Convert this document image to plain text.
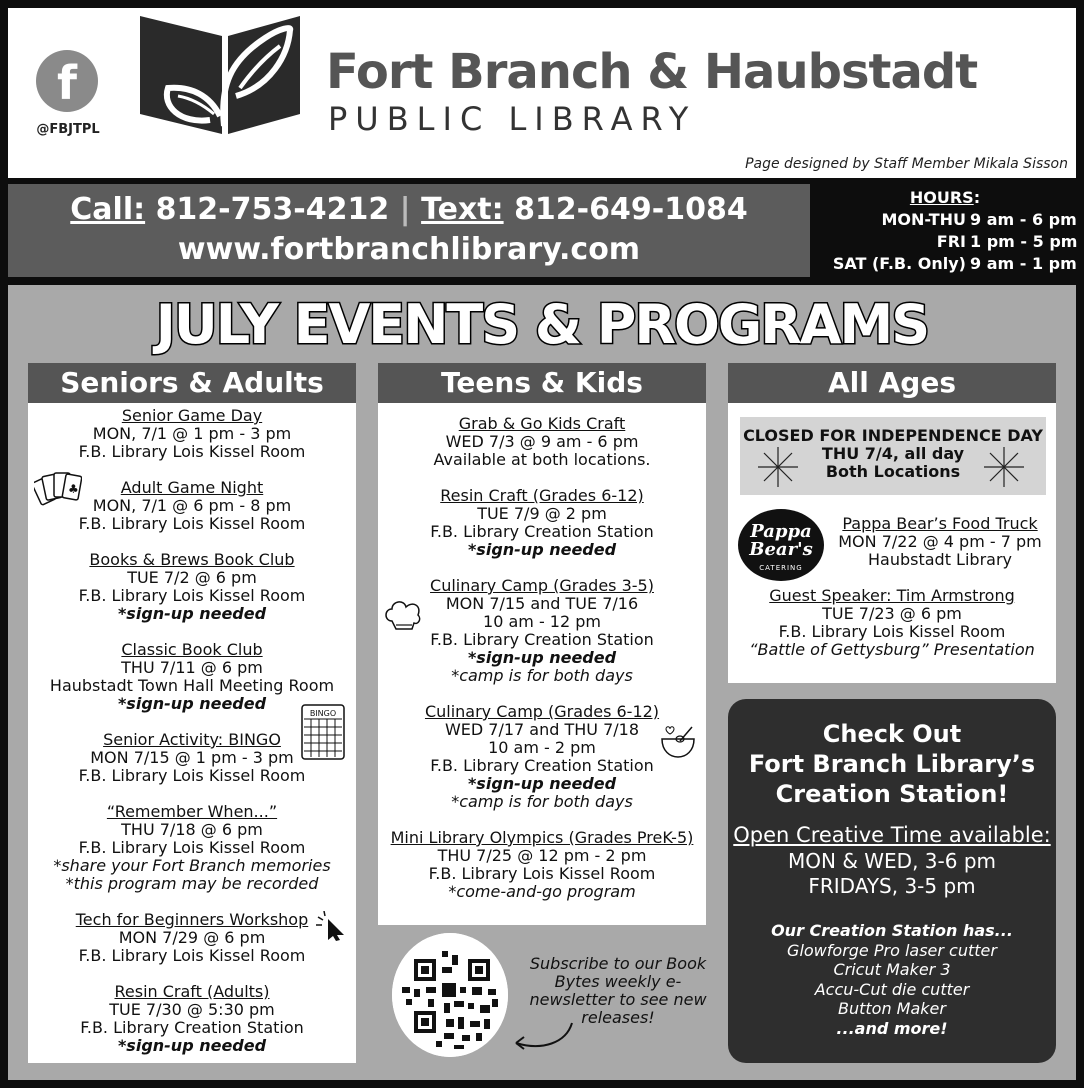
f
@FBJTPL
Fort Branch & Haubstadt
PUBLIC LIBRARY
Page designed by Staff Member Mikala Sisson
Call: 812-753-4212 | Text: 812-649-1084
www.fortbranchlibrary.com
HOURS:
MON-THU 9 am - 6 pm
FRI 1 pm - 5 pm
SAT (F.B. Only) 9 am - 1 pm
JULY EVENTS & PROGRAMS
Seniors & Adults
Senior Game Day
MON, 7/1 @ 1 pm - 3 pm
F.B. Library Lois Kissel Room
Adult Game Night
MON, 7/1 @ 6 pm - 8 pm
F.B. Library Lois Kissel Room
Books & Brews Book Club
TUE 7/2 @ 6 pm
F.B. Library Lois Kissel Room
*sign-up needed
Classic Book Club
THU 7/11 @ 6 pm
Haubstadt Town Hall Meeting Room
*sign-up needed
Senior Activity: BINGO
MON 7/15 @ 1 pm - 3 pm
F.B. Library Lois Kissel Room
“Remember When...”
THU 7/18 @ 6 pm
F.B. Library Lois Kissel Room
*share your Fort Branch memories
*this program may be recorded
Tech for Beginners Workshop
MON 7/29 @ 6 pm
F.B. Library Lois Kissel Room
Resin Craft (Adults)
TUE 7/30 @ 5:30 pm
F.B. Library Creation Station
*sign-up needed
♣
BINGO
Teens & Kids
Grab & Go Kids Craft
WED 7/3 @ 9 am - 6 pm
Available at both locations.
Resin Craft (Grades 6-12)
TUE 7/9 @ 2 pm
F.B. Library Creation Station
*sign-up needed
Culinary Camp (Grades 3-5)
MON 7/15 and TUE 7/16
10 am - 12 pm
F.B. Library Creation Station
*sign-up needed
*camp is for both days
Culinary Camp (Grades 6-12)
WED 7/17 and THU 7/18
10 am - 2 pm
F.B. Library Creation Station
*sign-up needed
*camp is for both days
Mini Library Olympics (Grades PreK-5)
THU 7/25 @ 12 pm - 2 pm
F.B. Library Lois Kissel Room
*come-and-go program
Subscribe to our Book Bytes weekly e-newsletter to see new releases!
All Ages
CLOSED FOR INDEPENDENCE DAY
THU 7/4, all day
Both Locations
Pappa Bear's
CATERING
Pappa Bear’s Food Truck
MON 7/22 @ 4 pm - 7 pm
Haubstadt Library
Guest Speaker: Tim Armstrong
TUE 7/23 @ 6 pm
F.B. Library Lois Kissel Room
“Battle of Gettysburg” Presentation
Check Out
Fort Branch Library’s
Creation Station!
Open Creative Time available:
MON & WED, 3-6 pm
FRIDAYS, 3-5 pm
Our Creation Station has...
Glowforge Pro laser cutter
Cricut Maker 3
Accu-Cut die cutter
Button Maker
...and more!
